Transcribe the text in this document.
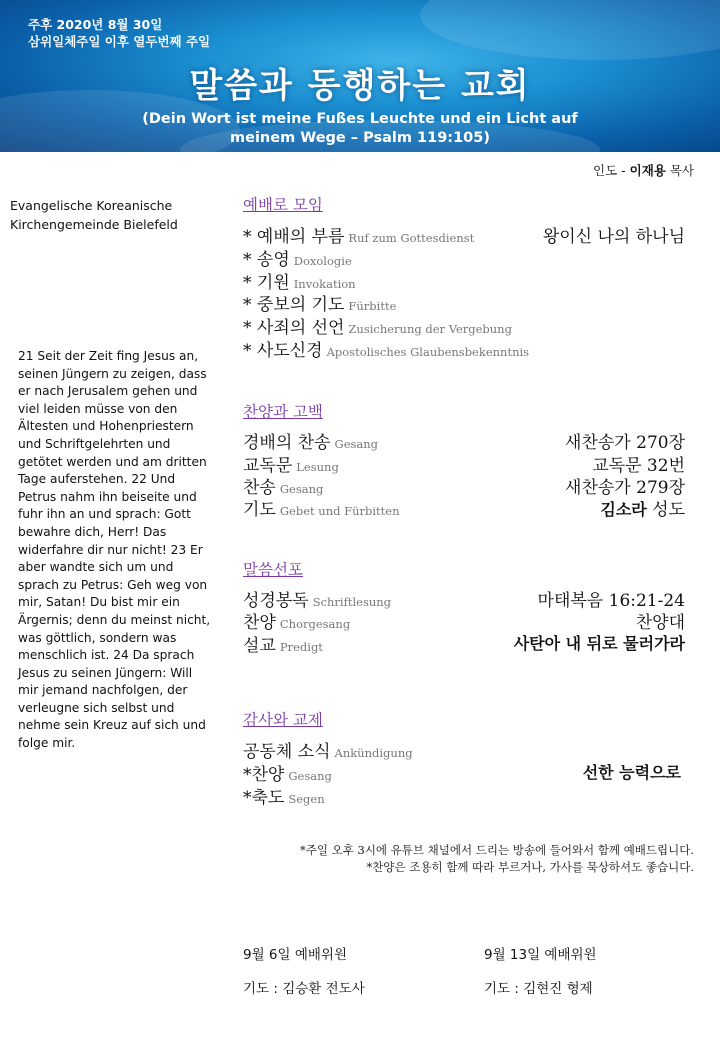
주후 2020년 8월 30일
삼위일체주일 이후 열두번째 주일
말씀과 동행하는 교회
(Dein Wort ist meine Fußes Leuchte und ein Licht auf meinem Wege – Psalm 119:105)
인도 - 이재용 목사
Evangelische Koreanische
Kirchengemeinde Bielefeld
21 Seit der Zeit fing Jesus an, seinen Jüngern zu zeigen, dass er nach Jerusalem gehen und viel leiden müsse von den Ältesten und Hohenpriestern und Schriftgelehrten und getötet werden und am dritten Tage auferstehen. 22 Und Petrus nahm ihn beiseite und fuhr ihn an und sprach: Gott bewahre dich, Herr! Das widerfahre dir nur nicht! 23 Er aber wandte sich um und sprach zu Petrus: Geh weg von mir, Satan! Du bist mir ein Ärgernis; denn du meinst nicht, was göttlich, sondern was menschlich ist. 24 Da sprach Jesus zu seinen Jüngern: Will mir jemand nachfolgen, der verleugne sich selbst und nehme sein Kreuz auf sich und folge mir.
예배로 모임
* 예배의 부름 Ruf zum Gottesdienst	왕이신 나의 하나님
* 송영 Doxologie
* 기원 Invokation
* 중보의 기도 Fürbitte
* 사죄의 선언 Zusicherung der Vergebung
* 사도신경 Apostolisches Glaubensbekenntnis
찬양과 고백
경배의 찬송 Gesang	새찬송가 270장
교독문 Lesung	교독문 32번
찬송 Gesang	새찬송가 279장
기도 Gebet und Fürbitten	김소라 성도
말씀선포
성경봉독 Schriftlesung	마태복음 16:21-24
찬양 Chorgesang	찬양대
설교 Predigt	사탄아 내 뒤로 물러가라
감사와 교제
공동체 소식 Ankündigung
*찬양 Gesang	선한 능력으로
*축도 Segen
*주일 오후 3시에 유튜브 채널에서 드리는 방송에 들어와서 함께 예배드립니다.
*찬양은 조용히 함께 따라 부르거나, 가사를 묵상하셔도 좋습니다.
9월 6일 예배위원
기도 : 김승환 전도사
9월 13일 예배위원
기도 : 김현진 형제
